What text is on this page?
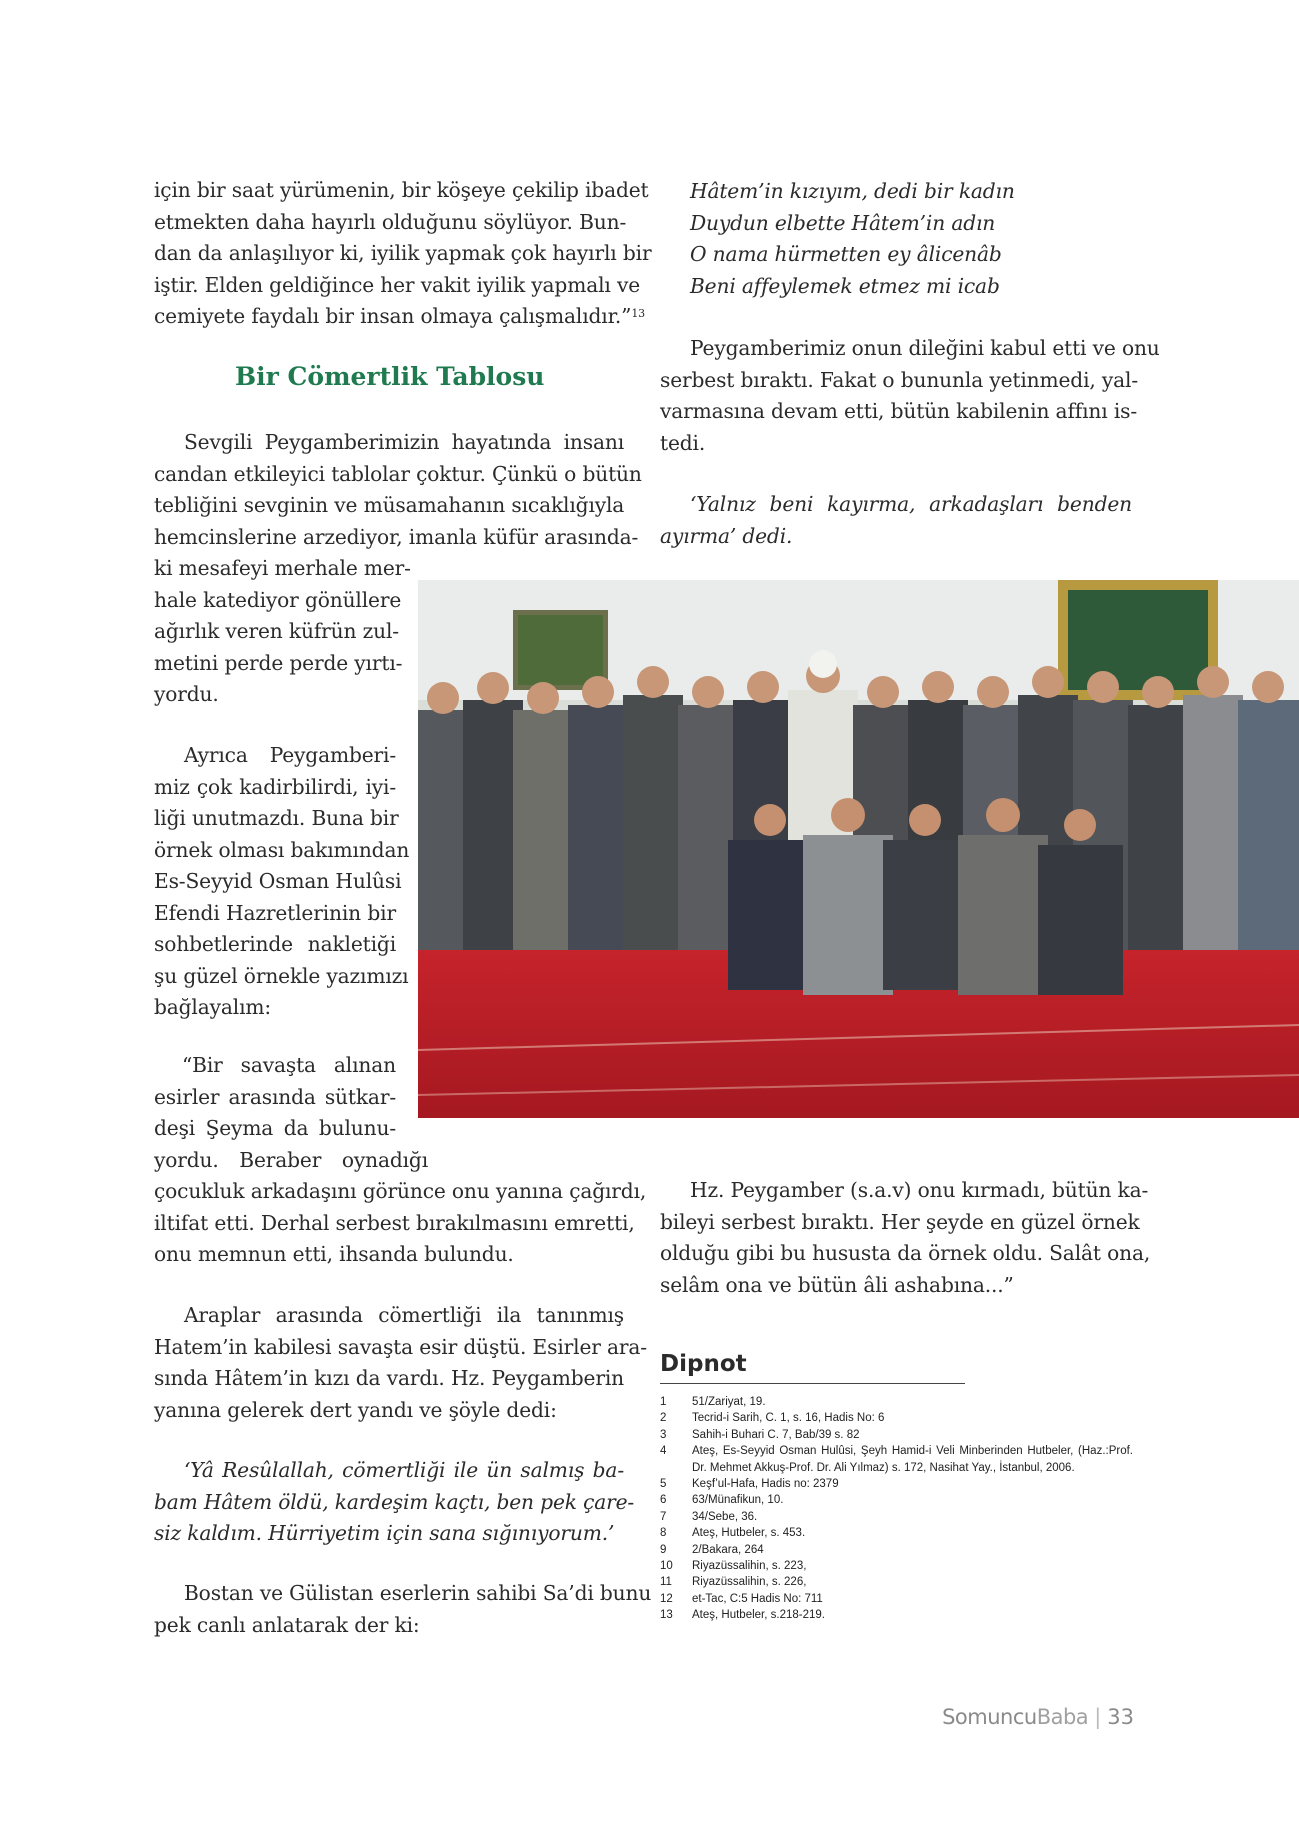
için bir saat yürümenin, bir köşeye çekilip ibadet
etmekten daha hayırlı olduğunu söylüyor. Bun-
dan da anlaşılıyor ki, iyilik yapmak çok hayırlı bir
iştir. Elden geldiğince her vakit iyilik yapmalı ve
cemiyete faydalı bir insan olmaya çalışmalıdır.”$^{13}$
Bir Cömertlik Tablosu
Sevgili Peygamberimizin hayatında insanı
candan etkileyici tablolar çoktur. Çünkü o bütün
tebliğini sevginin ve müsamahanın sıcaklığıyla
hemcinslerine arzediyor, imanla küfür arasında-
ki mesafeyi merhale mer-
hale katediyor gönüllere
ağırlık veren küfrün zul-
metini perde perde yırtı-
yordu.
Ayrıca Peygamberi-
miz çok kadirbilirdi, iyi-
liği unutmazdı. Buna bir
örnek olması bakımından
Es-Seyyid Osman Hulûsi
Efendi Hazretlerinin bir
sohbetlerinde nakletiği
şu güzel örnekle yazımızı
bağlayalım:
“Bir savaşta alınan
esirler arasında sütkar-
deşi Şeyma da bulunu-
yordu. Beraber oynadığı
çocukluk arkadaşını görünce onu yanına çağırdı,
iltifat etti. Derhal serbest bırakılmasını emretti,
onu memnun etti, ihsanda bulundu.
Araplar arasında cömertliği ila tanınmış
Hatem’in kabilesi savaşta esir düştü. Esirler ara-
sında Hâtem’in kızı da vardı. Hz. Peygamberin
yanına gelerek dert yandı ve şöyle dedi:
‘Yâ Resûlallah, cömertliği ile ün salmış ba-
bam Hâtem öldü, kardeşim kaçtı, ben pek çare-
siz kaldım. Hürriyetim için sana sığınıyorum.’
Bostan ve Gülistan eserlerin sahibi Sa’di bunu
pek canlı anlatarak der ki:
Hâtem’in kızıyım, dedi bir kadın
Duydun elbette Hâtem’in adın
O nama hürmetten ey âlicenâb
Beni affeylemek etmez mi icab
Peygamberimiz onun dileğini kabul etti ve onu
serbest bıraktı. Fakat o bununla yetinmedi, yal-
varmasına devam etti, bütün kabilenin affını is-
tedi.
‘Yalnız beni kayırma, arkadaşları benden
ayırma’ dedi.
Hz. Peygamber (s.a.v) onu kırmadı, bütün ka-
bileyi serbest bıraktı. Her şeyde en güzel örnek
olduğu gibi bu hususta da örnek oldu. Salât ona,
selâm ona ve bütün âli ashabına...”
Dipnot
1	51/Zariyat, 19.
2	Tecrid-i Sarih, C. 1, s. 16, Hadis No: 6
3	Sahih-i Buhari C. 7, Bab/39 s. 82
4	Ateş, Es-Seyyid Osman Hulûsi, Şeyh Hamid-i Veli Minberinden Hutbeler, (Haz.:Prof. Dr. Mehmet Akkuş-Prof. Dr. Ali Yılmaz) s. 172, Nasihat Yay., İstanbul, 2006.
5	Keşf’ul-Hafa, Hadis no: 2379
6	63/Münafikun, 10.
7	34/Sebe, 36.
8	Ateş, Hutbeler, s. 453.
9	2/Bakara, 264
10	Riyazüssalihin, s. 223,
11	Riyazüssalihin, s. 226,
12	et-Tac, C:5 Hadis No: 711
13	Ateş, Hutbeler, s.218-219.
SomuncuBaba | 33
